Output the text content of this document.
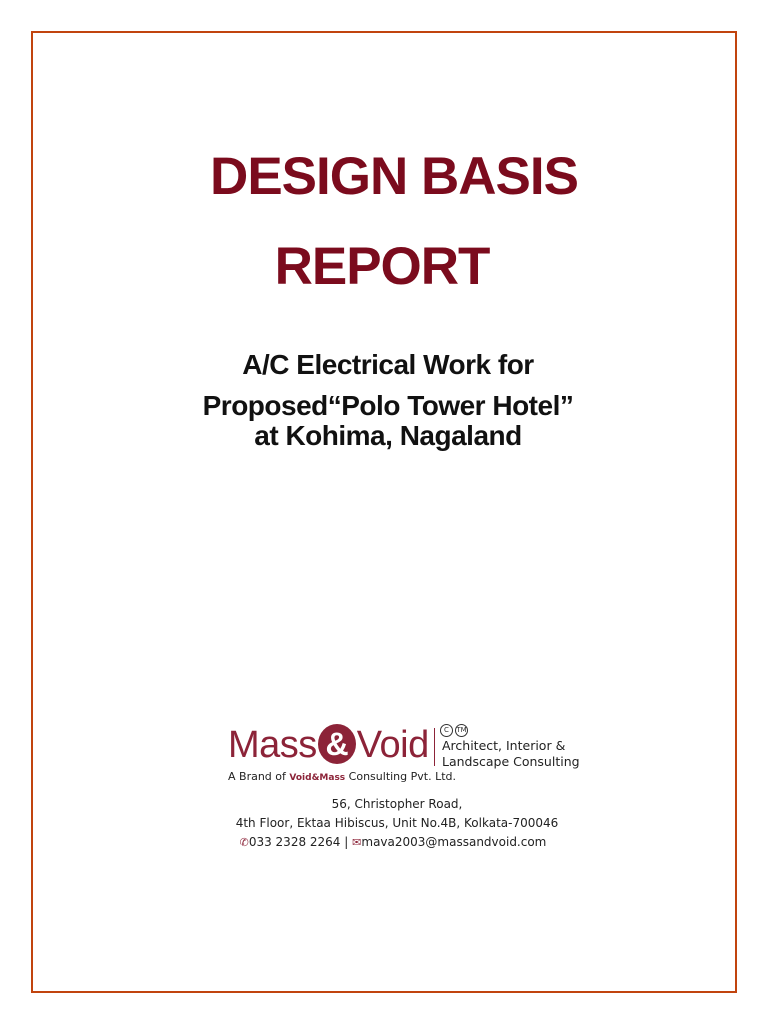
DESIGN BASIS
REPORT
A/C Electrical Work for
Proposed“Polo Tower Hotel”
at Kohima, Nagaland
Mass & Void	C TM
Architect, Interior &
Landscape Consulting
A Brand of Void&Mass Consulting Pvt. Ltd.

56, Christopher Road,

4th Floor, Ektaa Hibiscus, Unit No.4B, Kolkata-700046

✆033 2328 2264 | ✉mava2003@massandvoid.com
